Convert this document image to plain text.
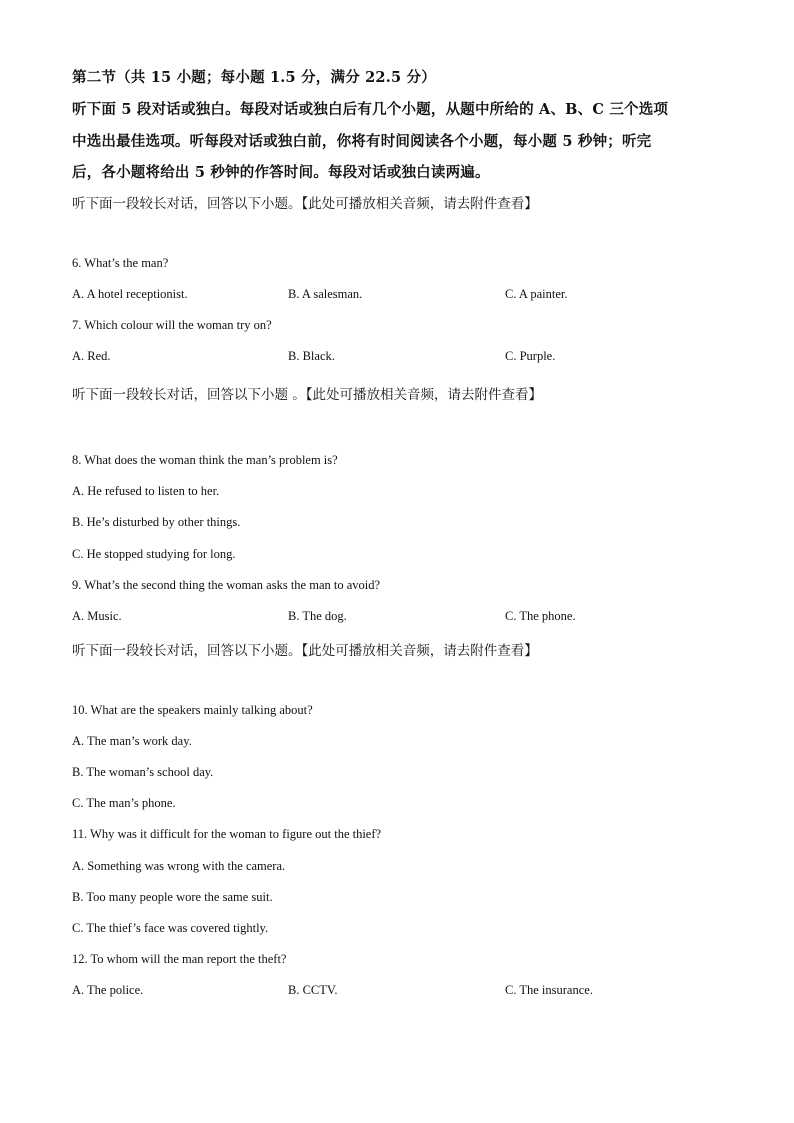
第二节（共 15 小题；每小题 1.5 分，满分 22.5 分）
听下面 5 段对话或独白。每段对话或独白后有几个小题，从题中所给的 A、B、C 三个选项
中选出最佳选项。听每段对话或独白前，你将有时间阅读各个小题，每小题 5 秒钟；听完
后，各小题将给出 5 秒钟的作答时间。每段对话或独白读两遍。
听下面一段较长对话，回答以下小题。【此处可播放相关音频，请去附件查看】
6. What’s the man?
A. A hotel receptionist.	B. A salesman.	C. A painter.
7. Which colour will the woman try on?
A. Red.	B. Black.	C. Purple.
听下面一段较长对话，回答以下小题 。【此处可播放相关音频，请去附件查看】
8. What does the woman think the man’s problem is?
A. He refused to listen to her.
B. He’s disturbed by other things.
C. He stopped studying for long.
9. What’s the second thing the woman asks the man to avoid?
A. Music.	B. The dog.	C. The phone.
听下面一段较长对话，回答以下小题。【此处可播放相关音频，请去附件查看】
10. What are the speakers mainly talking about?
A. The man’s work day.
B. The woman’s school day.
C. The man’s phone.
11. Why was it difficult for the woman to figure out the thief?
A. Something was wrong with the camera.
B. Too many people wore the same suit.
C. The thief’s face was covered tightly.
12. To whom will the man report the theft?
A. The police.	B. CCTV.	C. The insurance.
